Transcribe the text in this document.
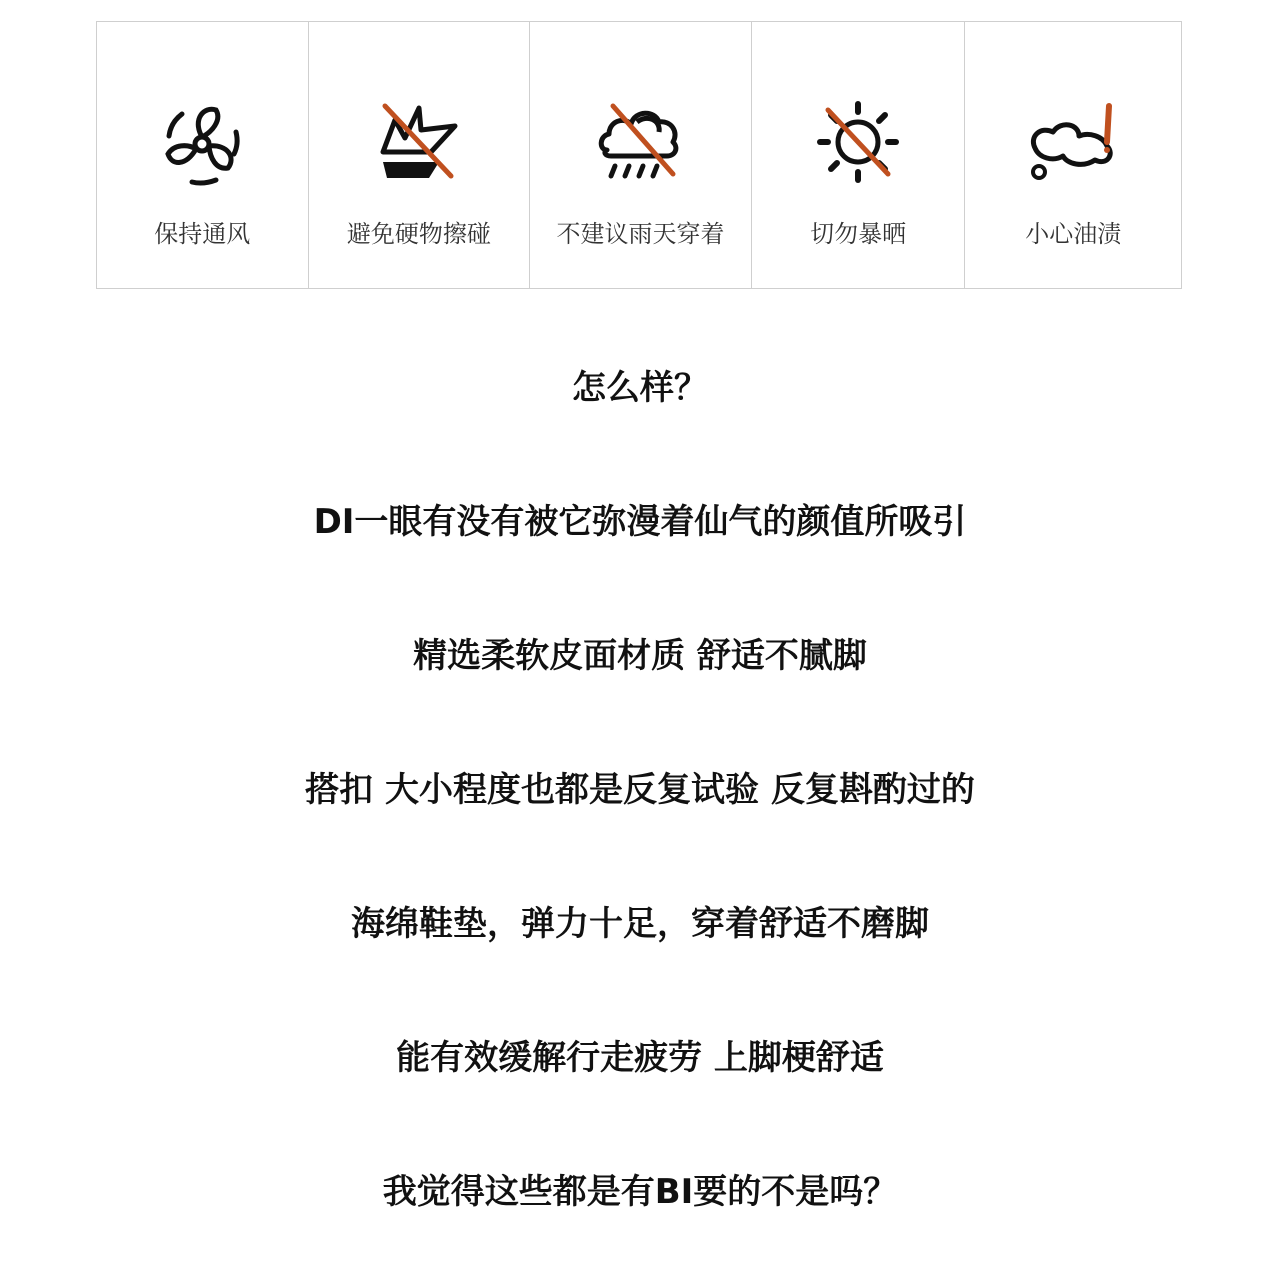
保持通风	避免硬物擦碰	不建议雨天穿着	切勿暴晒	小心油渍
怎么样？
DI一眼有没有被它弥漫着仙气的颜值所吸引
精选柔软皮面材质 舒适不腻脚
搭扣 大小程度也都是反复试验 反复斟酌过的
海绵鞋垫，弹力十足，穿着舒适不磨脚
能有效缓解行走疲劳 上脚梗舒适
我觉得这些都是有BI要的不是吗？
